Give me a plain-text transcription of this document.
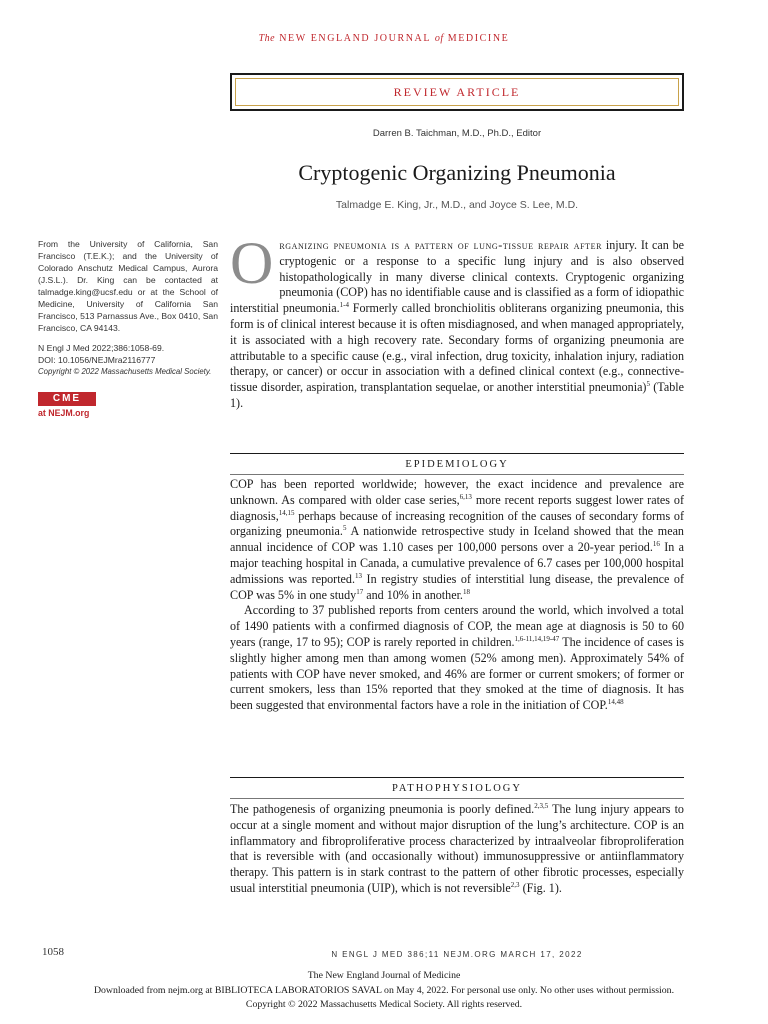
The NEW ENGLAND JOURNAL of MEDICINE
REVIEW ARTICLE
Darren B. Taichman, M.D., Ph.D., Editor
Cryptogenic Organizing Pneumonia
Talmadge E. King, Jr., M.D., and Joyce S. Lee, M.D.
From the University of California, San Francisco (T.E.K.); and the University of Colorado Anschutz Medical Campus, Aurora (J.S.L.). Dr. King can be contacted at talmadge.king@ucsf.edu or at the School of Medicine, University of California San Francisco, 513 Parnassus Ave., Box 0410, San Francisco, CA 94143.
N Engl J Med 2022;386:1058-69.
DOI: 10.1056/NEJMra2116777
Copyright © 2022 Massachusetts Medical Society.
CME
at NEJM.org

Organizing pneumonia is a pattern of lung-tissue repair after injury. It can be cryptogenic or a response to a specific lung injury and is also observed histopathologically in many diverse clinical contexts. Cryptogenic organizing pneumonia (COP) has no identifiable cause and is classified as a form of idiopathic interstitial pneumonia.$^{1-4}$ Formerly called bronchiolitis obliterans organizing pneumonia, this form is of clinical interest because it is often misdiagnosed, and when managed appropriately, it is associated with a high recovery rate. Secondary forms of organizing pneumonia are attributable to a specific cause (e.g., viral infection, drug toxicity, inhalation injury, radiation therapy, or cancer) or occur in association with a defined clinical context (e.g., connective-tissue disorder, aspiration, transplantation sequelae, or another interstitial pneumonia)$^5$ (Table 1).

EPIDEMIOLOGY

COP has been reported worldwide; however, the exact incidence and prevalence are unknown. As compared with older case series,$^{6,13}$ more recent reports suggest lower rates of diagnosis,$^{14,15}$ perhaps because of increasing recognition of the causes of secondary forms of organizing pneumonia.$^5$ A nationwide retrospective study in Iceland showed that the mean annual incidence of COP was 1.10 cases per 100,000 persons over a 20-year period.$^{16}$ In a major teaching hospital in Canada, a cumulative prevalence of 6.7 cases per 100,000 hospital admissions was reported.$^{13}$ In registry studies of interstitial lung disease, the prevalence of COP was 5% in one study$^{17}$ and 10% in another.$^{18}$

According to 37 published reports from centers around the world, which involved a total of 1490 patients with a confirmed diagnosis of COP, the mean age at diagnosis is 50 to 60 years (range, 17 to 95); COP is rarely reported in children.$^{1,6-11,14,19-47}$ The incidence of cases is slightly higher among men than among women (52% among men). Approximately 54% of patients with COP have never smoked, and 46% are former or current smokers; of former or current smokers, less than 15% reported that they smoked at the time of diagnosis. It has been suggested that environmental factors have a role in the initiation of COP.$^{14,48}$

PATHOPHYSIOLOGY

The pathogenesis of organizing pneumonia is poorly defined.$^{2,3,5}$ The lung injury appears to occur at a single moment and without major disruption of the lung’s architecture. COP is an inflammatory and fibroproliferative process characterized by intraalveolar fibroproliferation that is reversible with (and occasionally without) immunosuppressive or antiinflammatory therapy. This pattern is in stark contrast to the pattern of other fibrotic processes, especially usual interstitial pneumonia (UIP), which is not reversible$^{2,3}$ (Fig. 1).

1058	N ENGL J MED 386;11 NEJM.ORG MARCH 17, 2022
The New England Journal of Medicine
Downloaded from nejm.org at BIBLIOTECA LABORATORIOS SAVAL on May 4, 2022. For personal use only. No other uses without permission.
Copyright © 2022 Massachusetts Medical Society. All rights reserved.
